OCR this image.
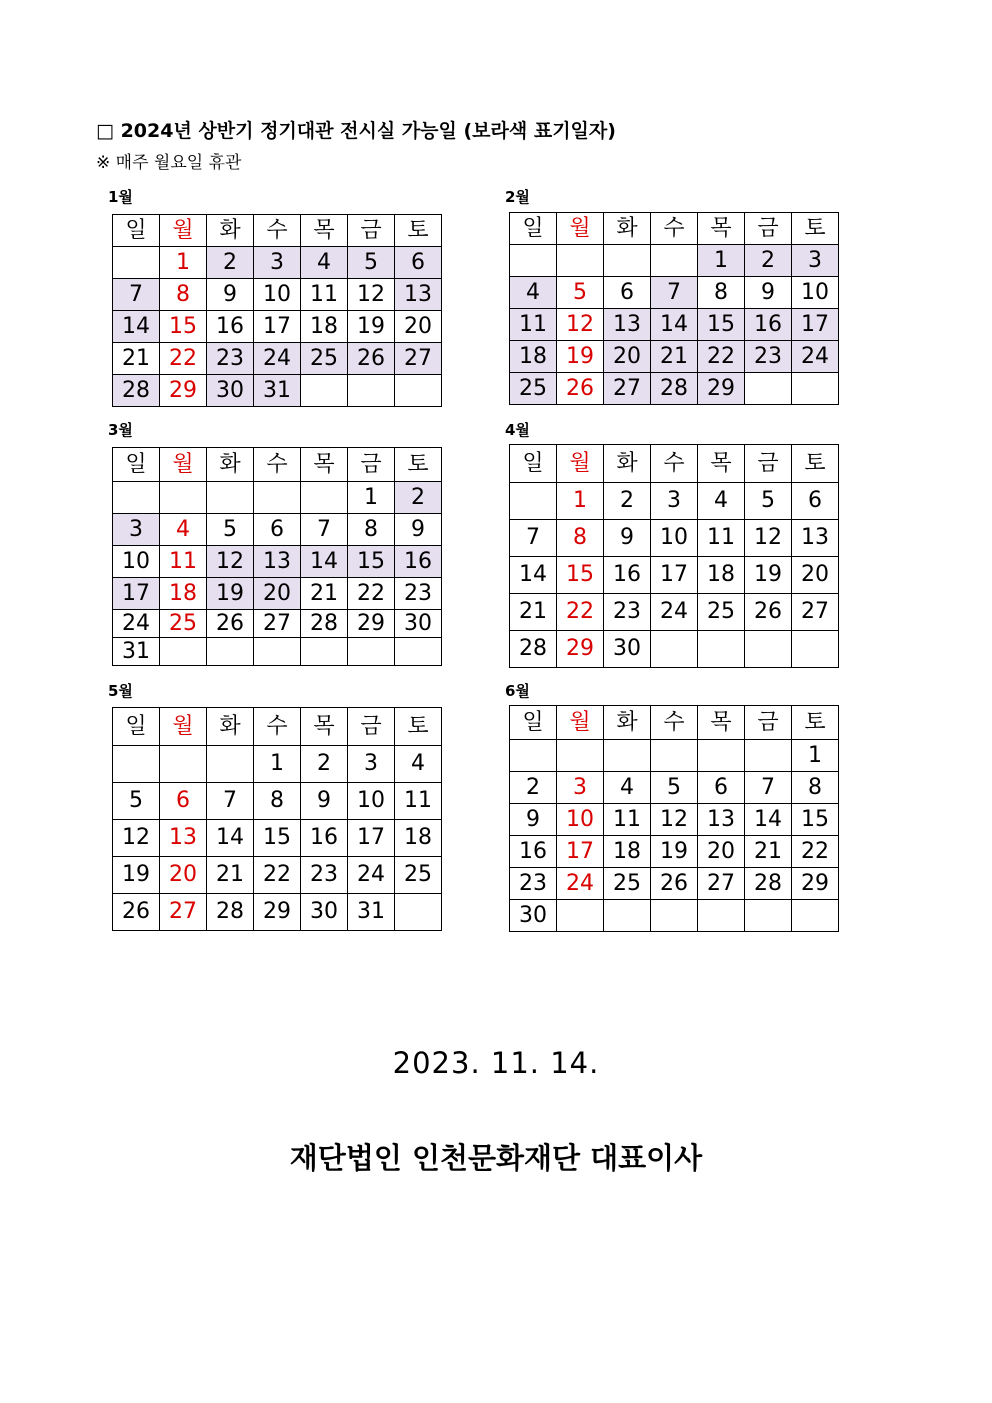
□ 2024년 상반기 정기대관 전시실 가능일 (보라색 표기일자)
※ 매주 월요일 휴관
1월
일	월	화	수	목	금	토
	1	2	3	4	5	6
7	8	9	10	11	12	13
14	15	16	17	18	19	20
21	22	23	24	25	26	27
28	29	30	31			
2월
일	월	화	수	목	금	토
				1	2	3
4	5	6	7	8	9	10
11	12	13	14	15	16	17
18	19	20	21	22	23	24
25	26	27	28	29		
3월
일	월	화	수	목	금	토
					1	2
3	4	5	6	7	8	9
10	11	12	13	14	15	16
17	18	19	20	21	22	23
24	25	26	27	28	29	30
31						
4월
일	월	화	수	목	금	토
	1	2	3	4	5	6
7	8	9	10	11	12	13
14	15	16	17	18	19	20
21	22	23	24	25	26	27
28	29	30				
5월
일	월	화	수	목	금	토
			1	2	3	4
5	6	7	8	9	10	11
12	13	14	15	16	17	18
19	20	21	22	23	24	25
26	27	28	29	30	31	
6월
일	월	화	수	목	금	토
						1
2	3	4	5	6	7	8
9	10	11	12	13	14	15
16	17	18	19	20	21	22
23	24	25	26	27	28	29
30						
2023. 11. 14.
재단법인 인천문화재단 대표이사
